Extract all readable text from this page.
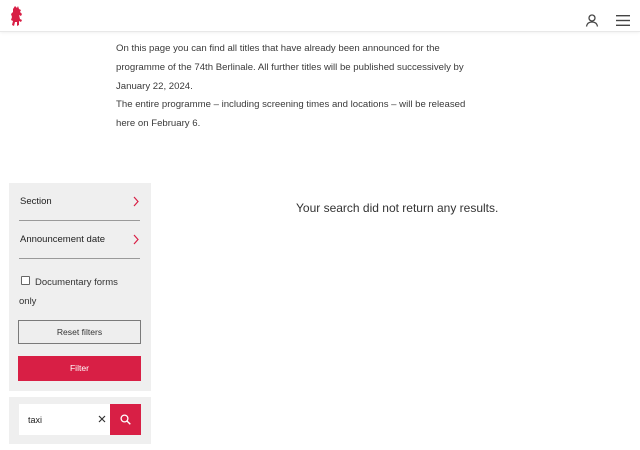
On this page you can find all titles that have already been announced for the programme of the 74th Berlinale. All further titles will be published successively by January 22, 2024.

The entire programme – including screening times and locations – will be released here on February 6.

Your search did not return any results.
Section
Announcement date
Documentary forms only
Reset filters
Filter
taxi
